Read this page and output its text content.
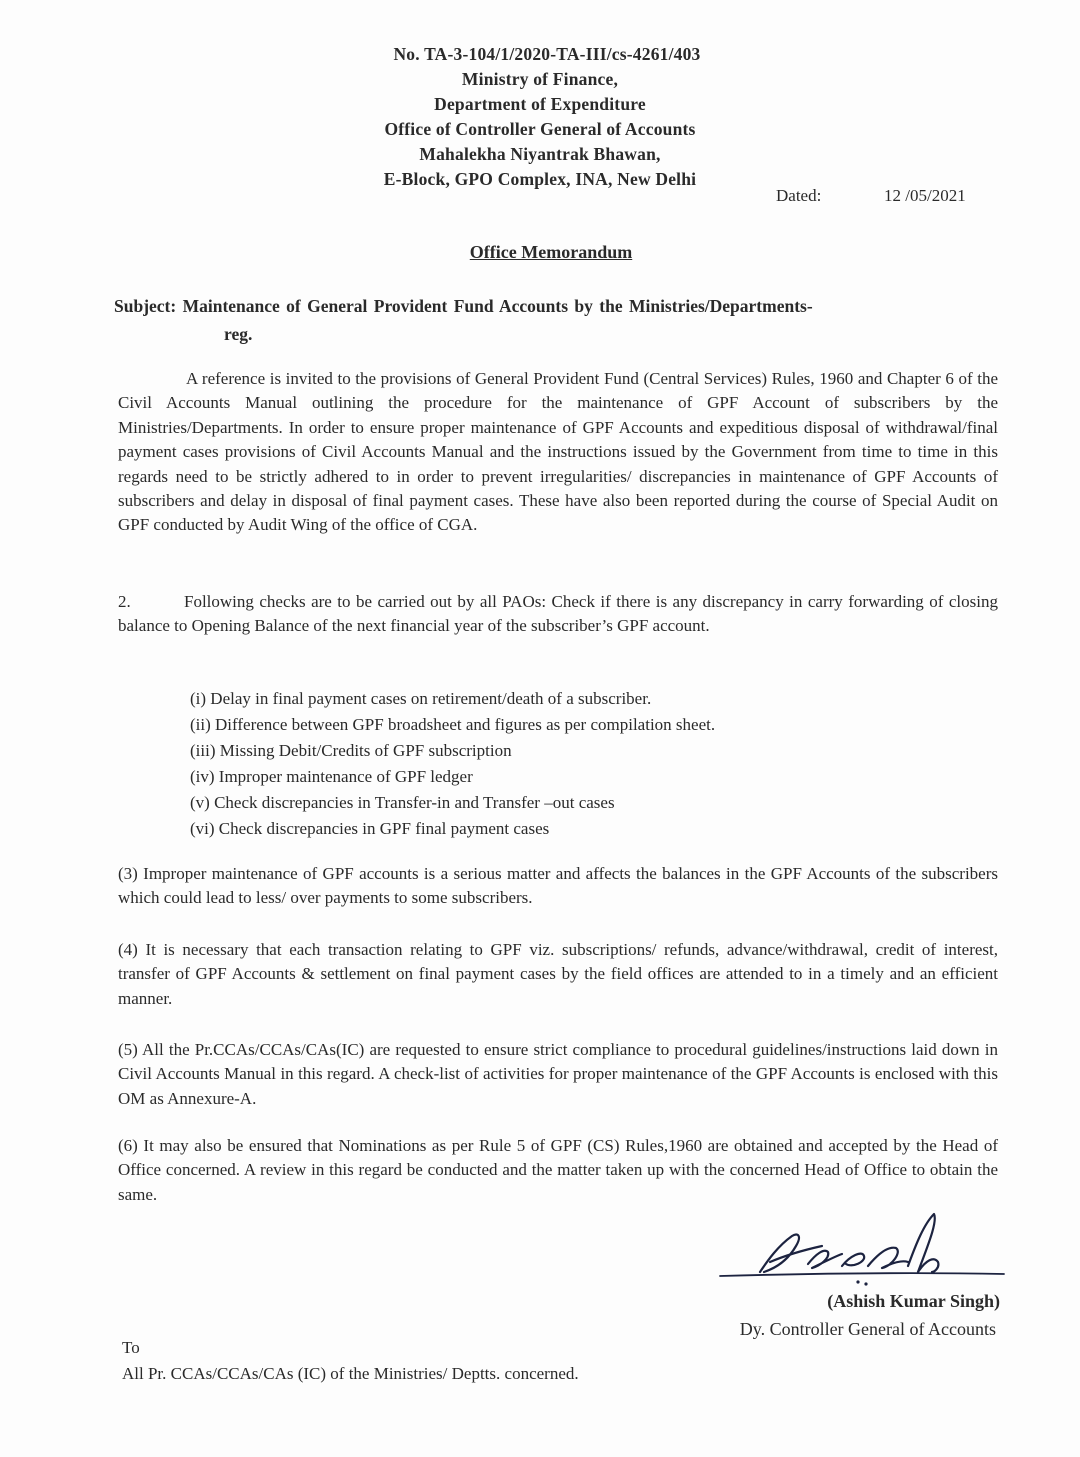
No. TA-3-104/1/2020-TA-III/cs-4261/403
Ministry of Finance,
Department of Expenditure
Office of Controller General of Accounts
Mahalekha Niyantrak Bhawan,
E-Block, GPO Complex, INA, New Delhi
Dated:	12 /05/2021
Office Memorandum
Subject: Maintenance of General Provident Fund Accounts by the Ministries/Departments-
reg.
A reference is invited to the provisions of General Provident Fund (Central Services) Rules, 1960 and Chapter 6 of the Civil Accounts Manual outlining the procedure for the maintenance of GPF Account of subscribers by the Ministries/Departments. In order to ensure proper maintenance of GPF Accounts and expeditious disposal of withdrawal/final payment cases provisions of Civil Accounts Manual and the instructions issued by the Government from time to time in this regards need to be strictly adhered to in order to prevent irregularities/ discrepancies in maintenance of GPF Accounts of subscribers and delay in disposal of final payment cases. These have also been reported during the course of Special Audit on GPF conducted by Audit Wing of the office of CGA.
2.	Following checks are to be carried out by all PAOs: Check if there is any discrepancy in carry forwarding of closing balance to Opening Balance of the next financial year of the subscriber’s GPF account.
(i) Delay in final payment cases on retirement/death of a subscriber.
(ii) Difference between GPF broadsheet and figures as per compilation sheet.
(iii) Missing Debit/Credits of GPF subscription
(iv) Improper maintenance of GPF ledger
(v) Check discrepancies in Transfer-in and Transfer –out cases
(vi) Check discrepancies in GPF final payment cases
(3) Improper maintenance of GPF accounts is a serious matter and affects the balances in the GPF Accounts of the subscribers which could lead to less/ over payments to some subscribers.
(4) It is necessary that each transaction relating to GPF viz. subscriptions/ refunds, advance/withdrawal, credit of interest, transfer of GPF Accounts & settlement on final payment cases by the field offices are attended to in a timely and an efficient manner.
(5) All the Pr.CCAs/CCAs/CAs(IC) are requested to ensure strict compliance to procedural guidelines/instructions laid down in Civil Accounts Manual in this regard. A check-list of activities for proper maintenance of the GPF Accounts is enclosed with this OM as Annexure-A.
(6) It may also be ensured that Nominations as per Rule 5 of GPF (CS) Rules,1960 are obtained and accepted by the Head of Office concerned. A review in this regard be conducted and the matter taken up with the concerned Head of Office to obtain the same.
(Ashish Kumar Singh)
Dy. Controller General of Accounts
To
All Pr. CCAs/CCAs/CAs (IC) of the Ministries/ Deptts. concerned.
